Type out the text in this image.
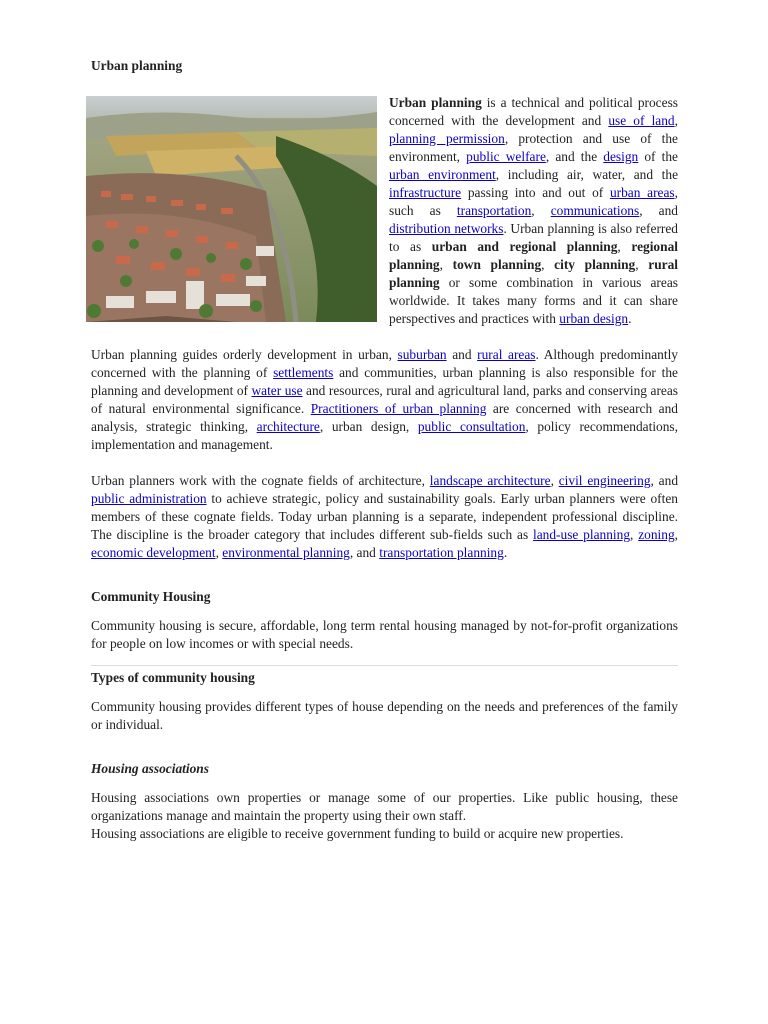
Urban planning

Urban planning is a technical and political process concerned with the development and use of land, planning permission, protection and use of the environment, public welfare, and the design of the urban environment, including air, water, and the infrastructure passing into and out of urban areas, such as transportation, communications, and distribution networks. Urban planning is also referred to as urban and regional planning, regional planning, town planning, city planning, rural planning or some combination in various areas worldwide. It takes many forms and it can share perspectives and practices with urban design.

Urban planning guides orderly development in urban, suburban and rural areas. Although predominantly concerned with the planning of settlements and communities, urban planning is also responsible for the planning and development of water use and resources, rural and agricultural land, parks and conserving areas of natural environmental significance. Practitioners of urban planning are concerned with research and analysis, strategic thinking, architecture, urban design, public consultation, policy recommendations, implementation and management.

Urban planners work with the cognate fields of architecture, landscape architecture, civil engineering, and public administration to achieve strategic, policy and sustainability goals. Early urban planners were often members of these cognate fields. Today urban planning is a separate, independent professional discipline. The discipline is the broader category that includes different sub-fields such as land-use planning, zoning, economic development, environmental planning, and transportation planning.

Community Housing

Community housing is secure, affordable, long term rental housing managed by not-for-profit organizations for people on low incomes or with special needs.

Types of community housing

Community housing provides different types of house depending on the needs and preferences of the family or individual.

Housing associations

Housing associations own properties or manage some of our properties. Like public housing, these organizations manage and maintain the property using their own staff.

Housing associations are eligible to receive government funding to build or acquire new properties.
